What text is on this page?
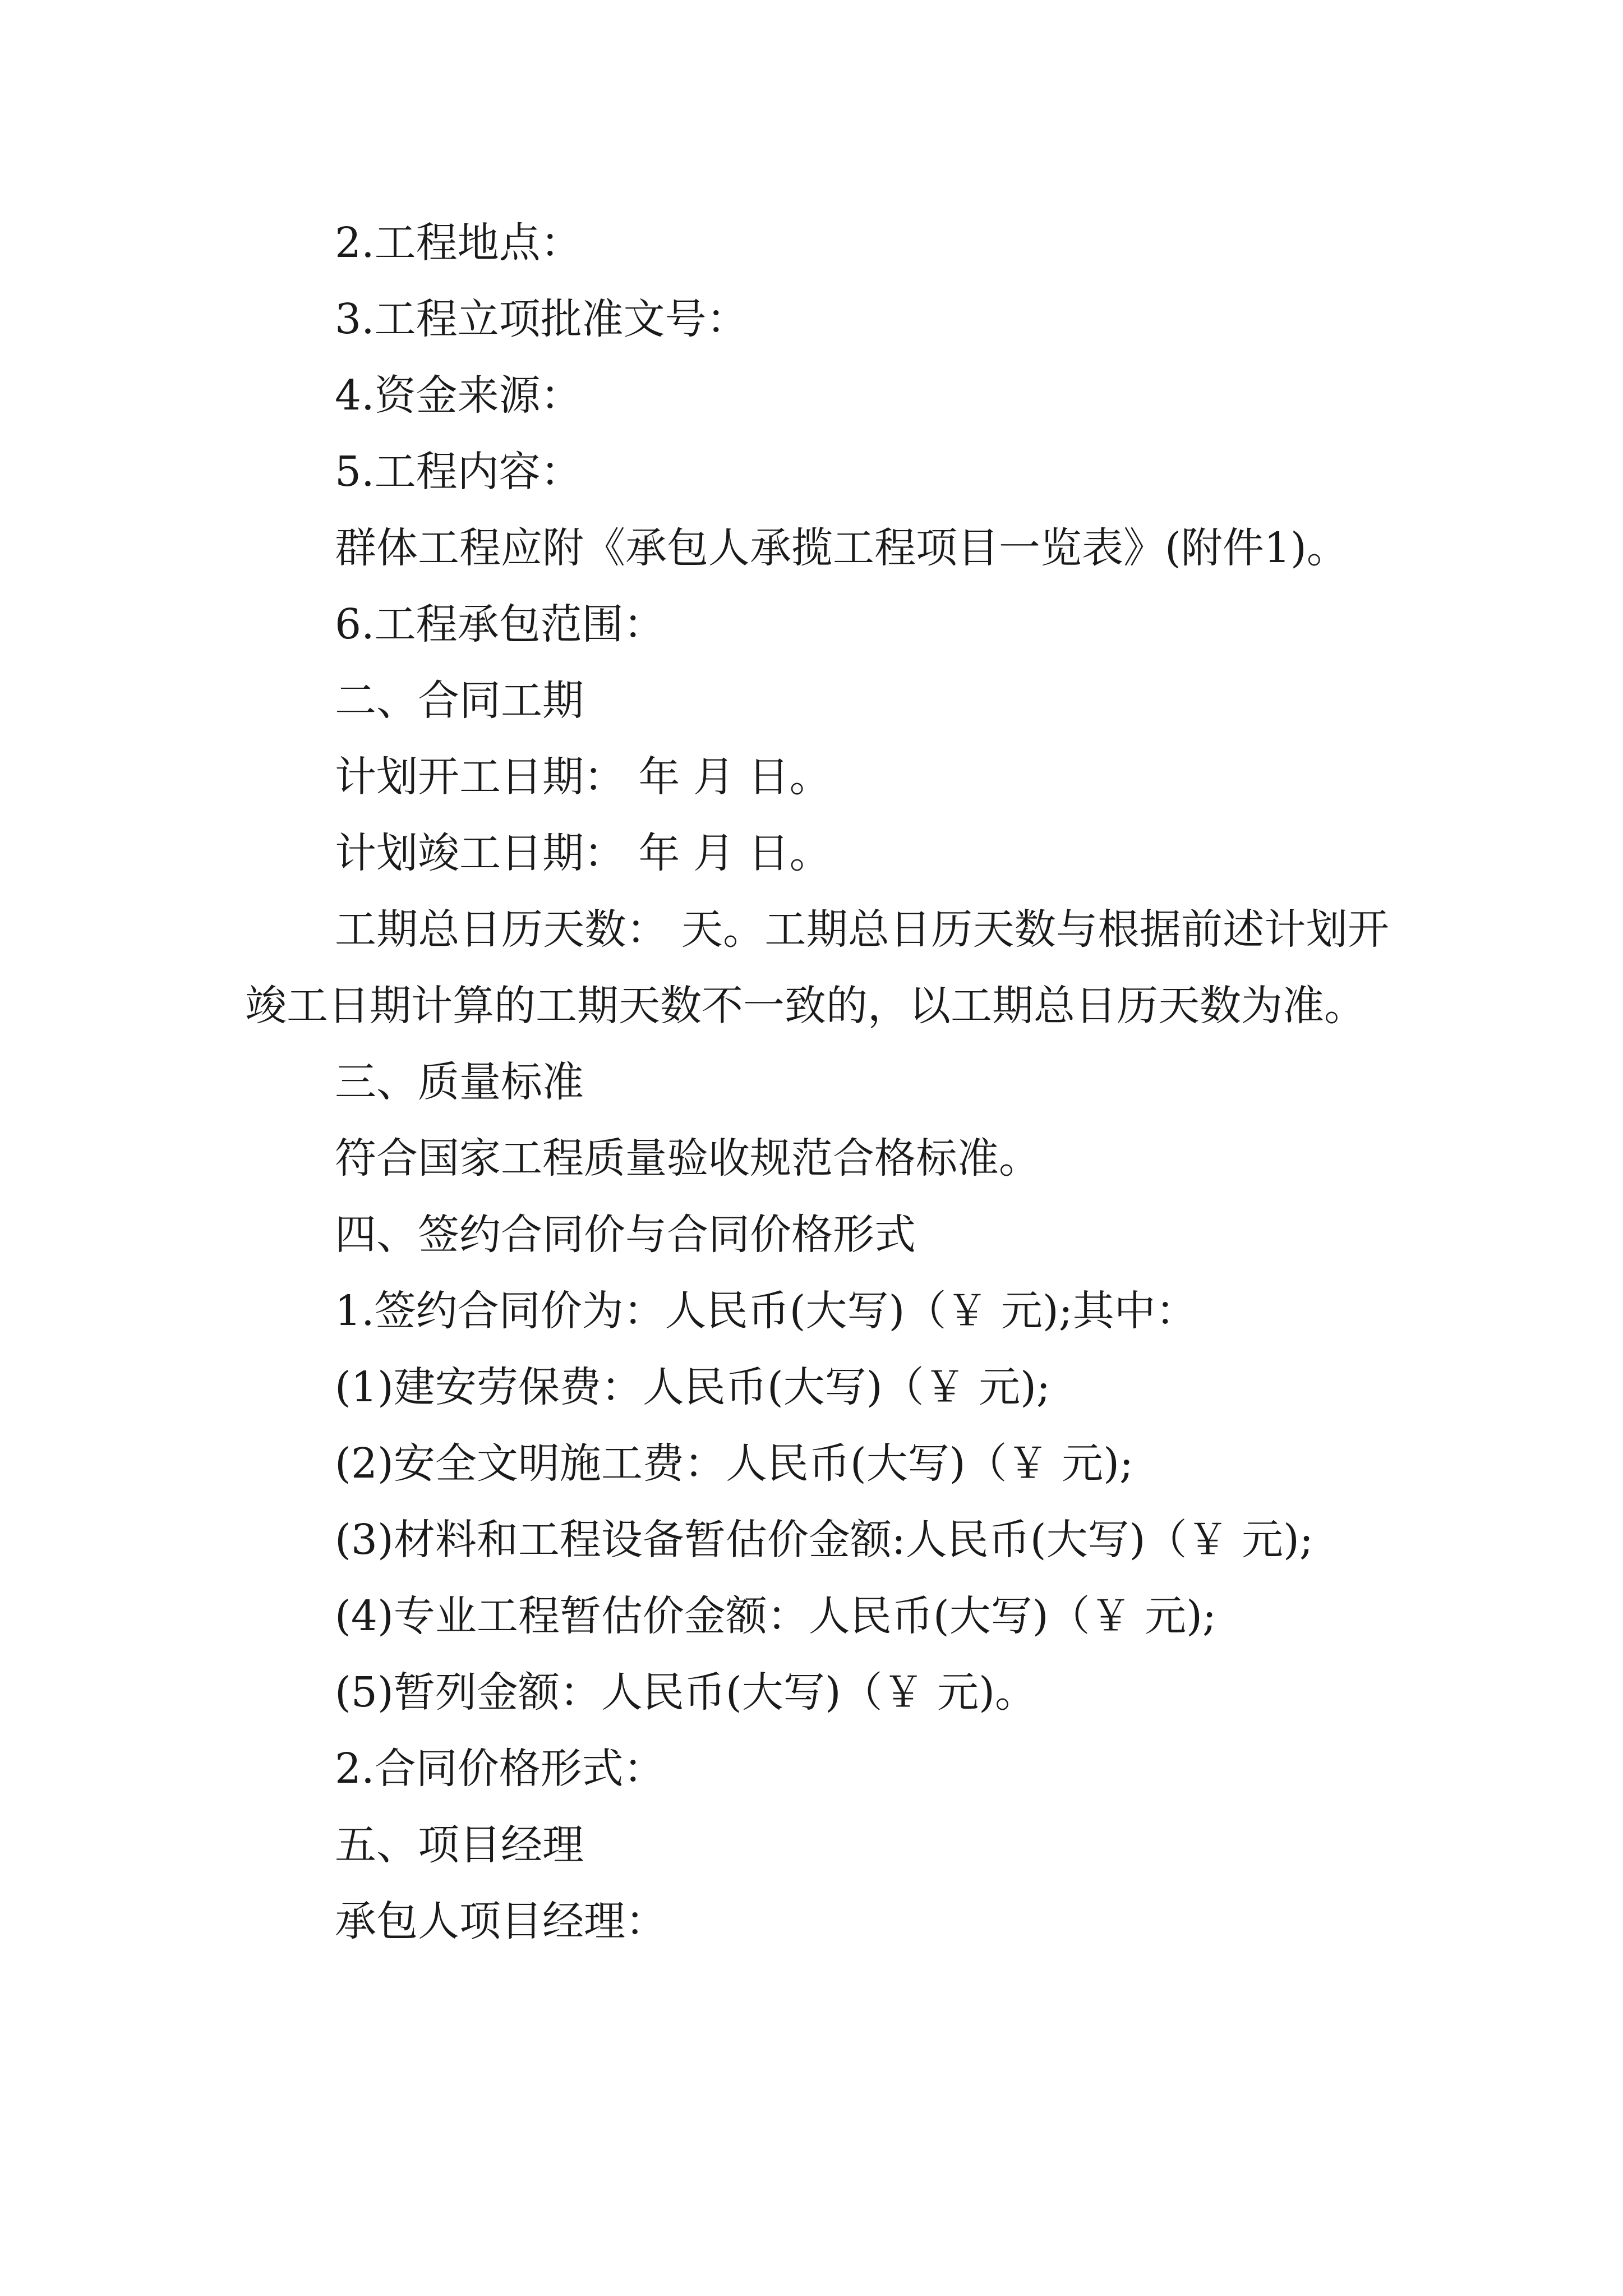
2.工程地点：

3.工程立项批准文号：

4.资金来源：

5.工程内容：

群体工程应附《承包人承揽工程项目一览表》(附件1)。

6.工程承包范围：

二、合同工期

计划开工日期： 年 月 日。

计划竣工日期： 年 月 日。

工期总日历天数： 天。工期总日历天数与根据前述计划开竣工日期计算的工期天数不一致的，以工期总日历天数为准。

三、质量标准

符合国家工程质量验收规范合格标准。

四、签约合同价与合同价格形式

1.签约合同价为：人民币(大写)（￥ 元);其中：

(1)建安劳保费：人民币(大写)（￥ 元);

(2)安全文明施工费：人民币(大写)（￥ 元);

(3)材料和工程设备暂估价金额:人民币(大写)（￥ 元);

(4)专业工程暂估价金额：人民币(大写)（￥ 元);

(5)暂列金额：人民币(大写)（￥ 元)。

2.合同价格形式：

五、项目经理

承包人项目经理：
